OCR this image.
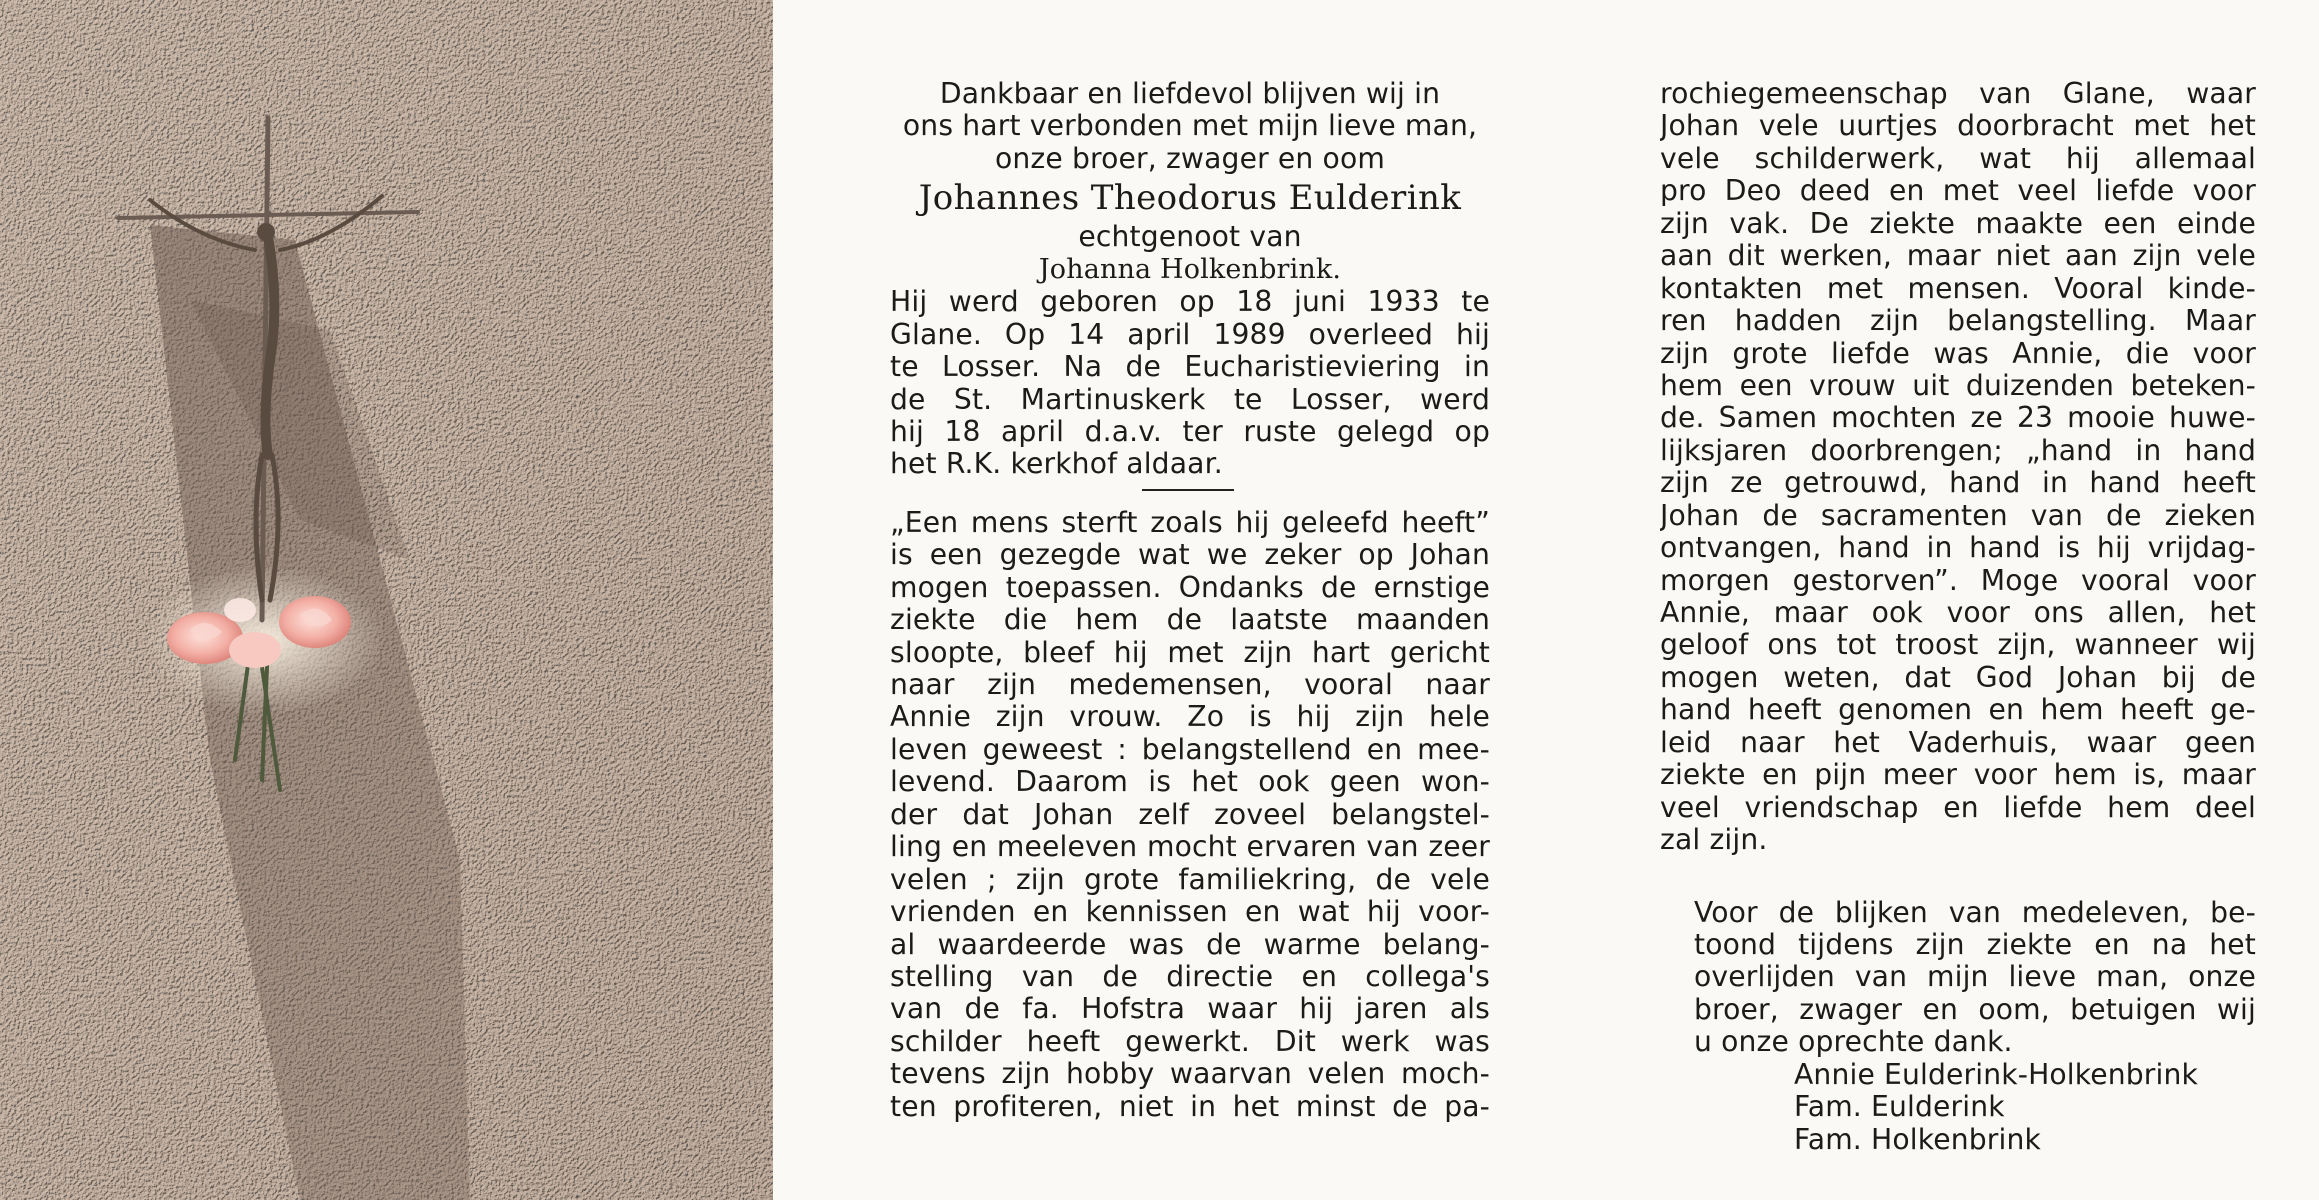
Dankbaar en liefdevol blijven wij in
ons hart verbonden met mijn lieve man,
onze broer, zwager en oom
Johannes Theodorus Eulderink
echtgenoot van
Johanna Holkenbrink.
Hij werd geboren op 18 juni 1933 te
Glane. Op 14 april 1989 overleed hij
te Losser. Na de Eucharistieviering in
de St. Martinuskerk te Losser, werd
hij 18 april d.a.v. ter ruste gelegd op
het R.K. kerkhof aldaar.
„Een mens sterft zoals hij geleefd heeft”
is een gezegde wat we zeker op Johan
mogen toepassen. Ondanks de ernstige
ziekte die hem de laatste maanden
sloopte, bleef hij met zijn hart gericht
naar zijn medemensen, vooral naar
Annie zijn vrouw. Zo is hij zijn hele
leven geweest : belangstellend en mee-
levend. Daarom is het ook geen won-
der dat Johan zelf zoveel belangstel-
ling en meeleven mocht ervaren van zeer
velen ; zijn grote familiekring, de vele
vrienden en kennissen en wat hij voor-
al waardeerde was de warme belang-
stelling van de directie en collega's
van de fa. Hofstra waar hij jaren als
schilder heeft gewerkt. Dit werk was
tevens zijn hobby waarvan velen moch-
ten profiteren, niet in het minst de pa-
rochiegemeenschap van Glane, waar
Johan vele uurtjes doorbracht met het
vele schilderwerk, wat hij allemaal
pro Deo deed en met veel liefde voor
zijn vak. De ziekte maakte een einde
aan dit werken, maar niet aan zijn vele
kontakten met mensen. Vooral kinde-
ren hadden zijn belangstelling. Maar
zijn grote liefde was Annie, die voor
hem een vrouw uit duizenden beteken-
de. Samen mochten ze 23 mooie huwe-
lijksjaren doorbrengen; „hand in hand
zijn ze getrouwd, hand in hand heeft
Johan de sacramenten van de zieken
ontvangen, hand in hand is hij vrijdag-
morgen gestorven”. Moge vooral voor
Annie, maar ook voor ons allen, het
geloof ons tot troost zijn, wanneer wij
mogen weten, dat God Johan bij de
hand heeft genomen en hem heeft ge-
leid naar het Vaderhuis, waar geen
ziekte en pijn meer voor hem is, maar
veel vriendschap en liefde hem deel
zal zijn.
Voor de blijken van medeleven, be-
toond tijdens zijn ziekte en na het
overlijden van mijn lieve man, onze
broer, zwager en oom, betuigen wij
u onze oprechte dank.
Annie Eulderink-Holkenbrink
Fam. Eulderink
Fam. Holkenbrink
